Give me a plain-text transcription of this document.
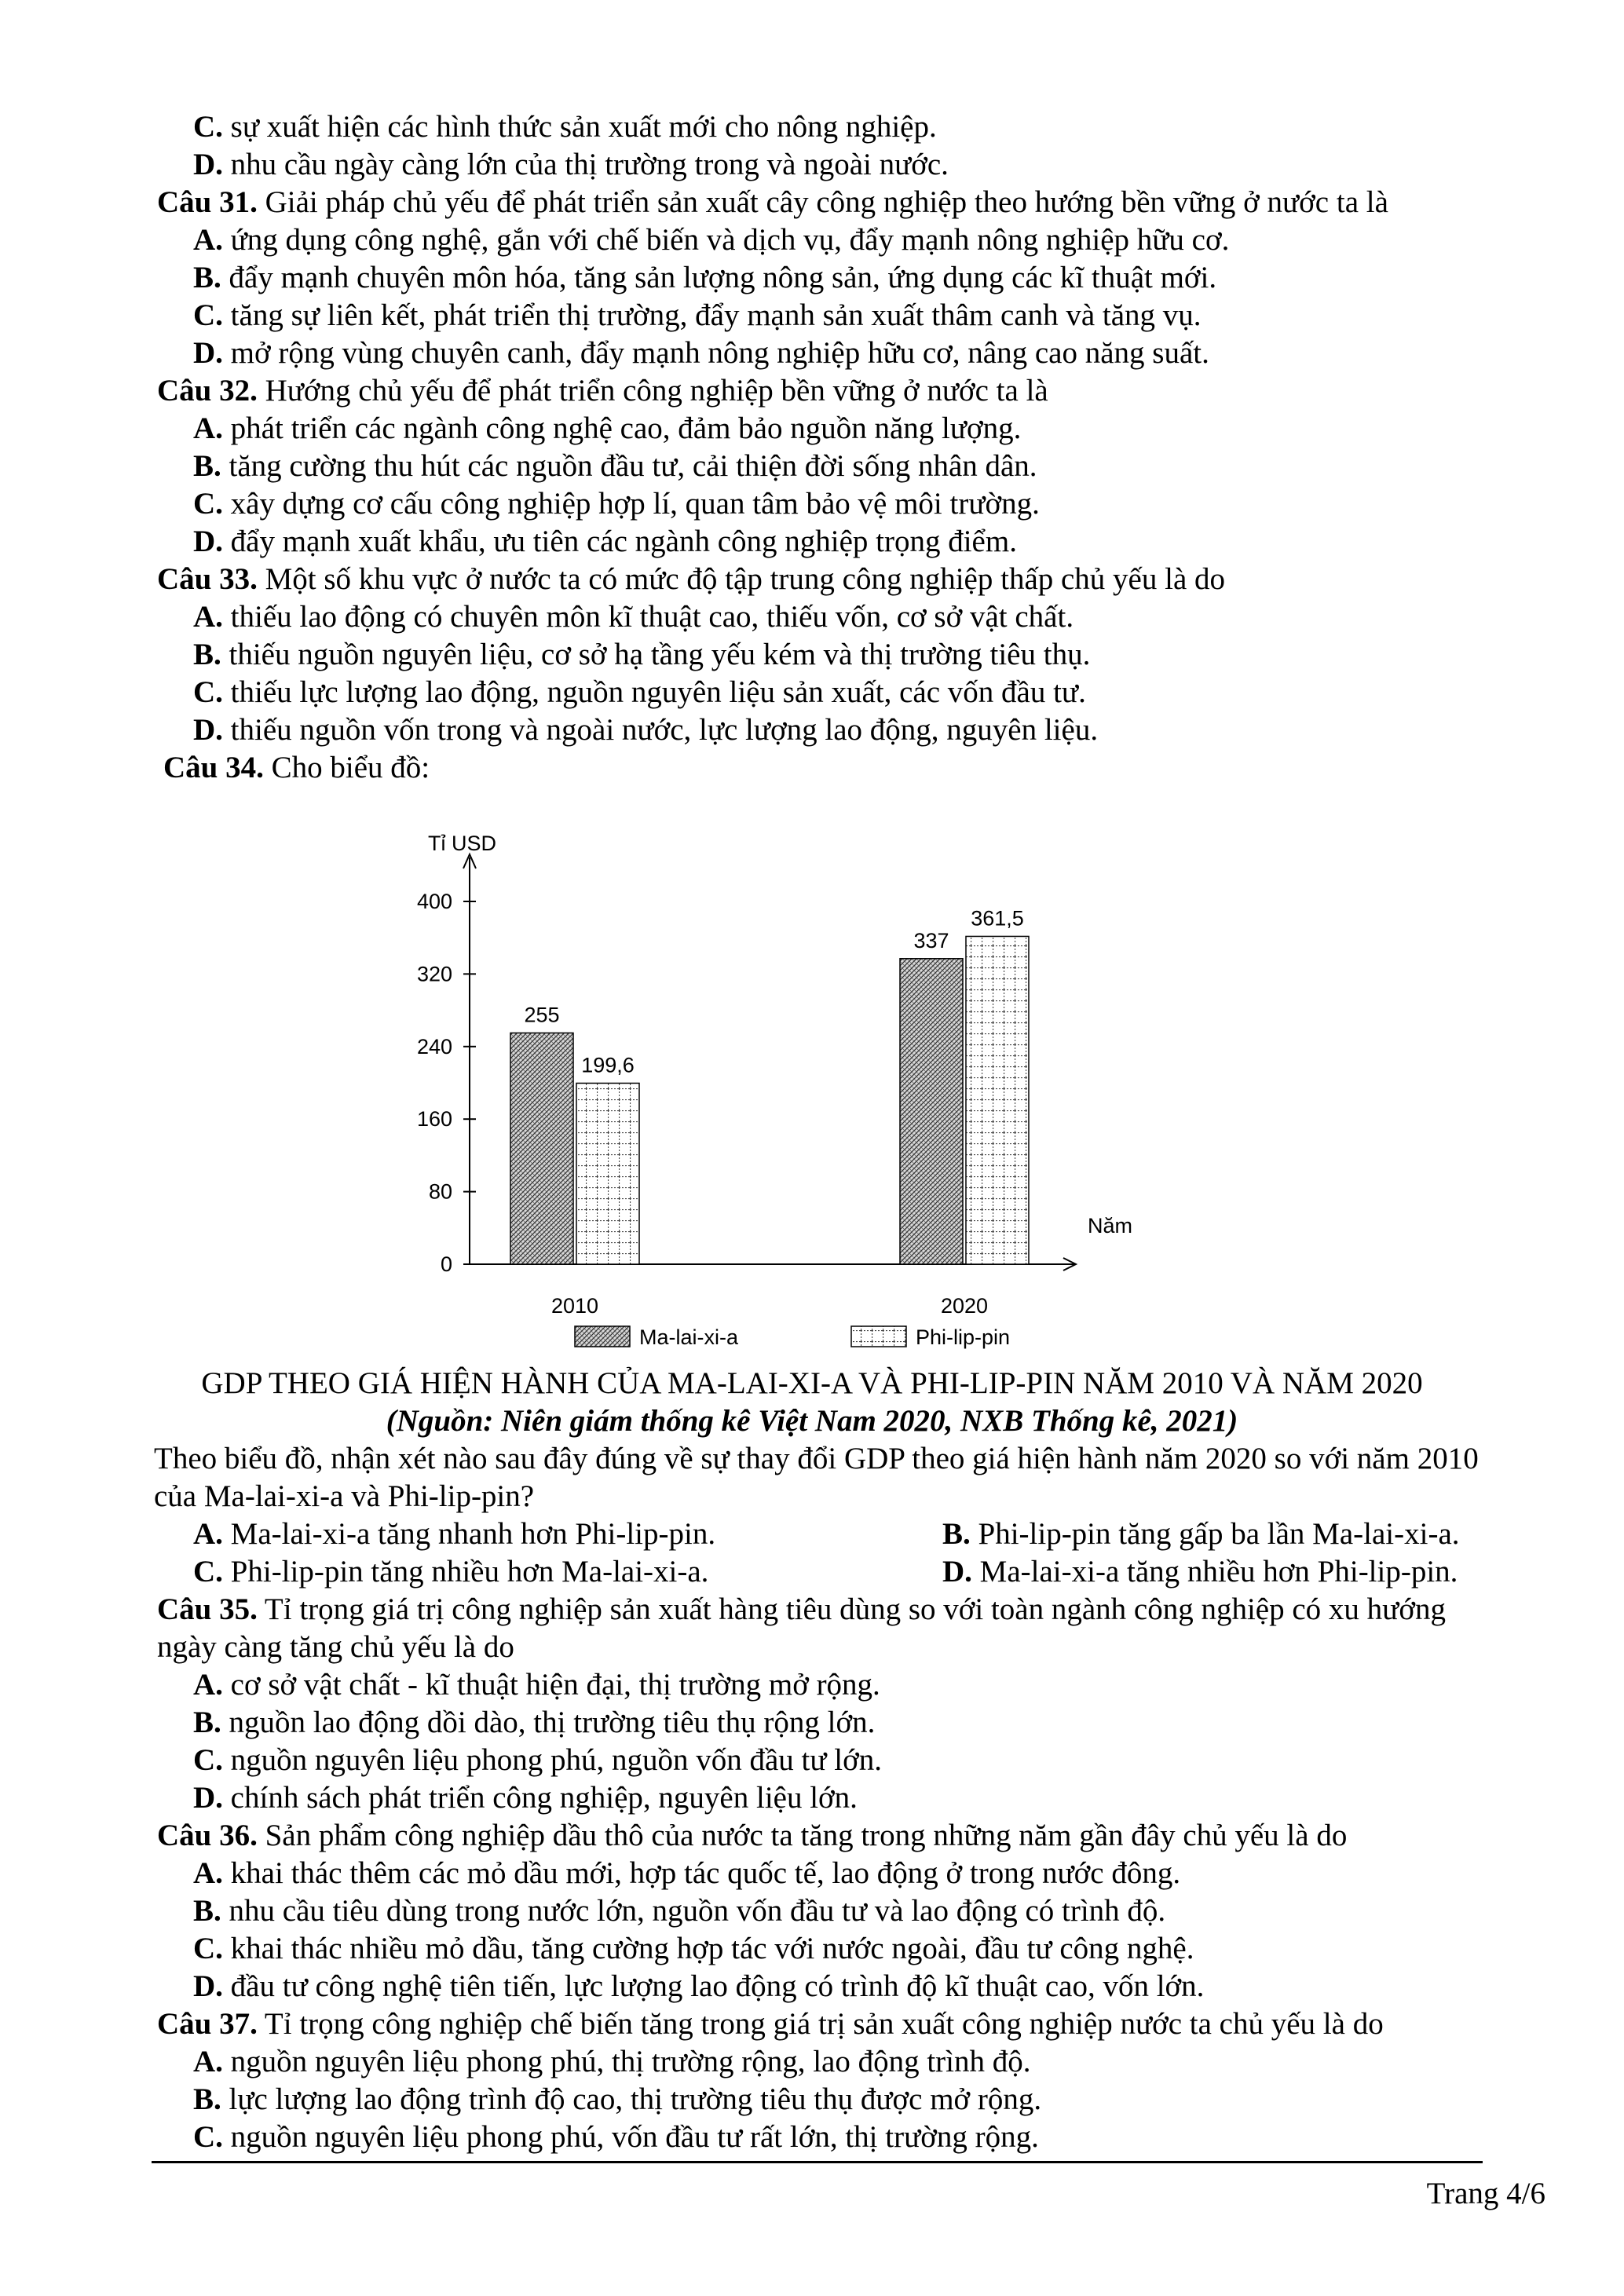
C. sự xuất hiện các hình thức sản xuất mới cho nông nghiệp.
D. nhu cầu ngày càng lớn của thị trường trong và ngoài nước.
Câu 31. Giải pháp chủ yếu để phát triển sản xuất cây công nghiệp theo hướng bền vững ở nước ta là
A. ứng dụng công nghệ, gắn với chế biến và dịch vụ, đẩy mạnh nông nghiệp hữu cơ.
B. đẩy mạnh chuyên môn hóa, tăng sản lượng nông sản, ứng dụng các kĩ thuật mới.
C. tăng sự liên kết, phát triển thị trường, đẩy mạnh sản xuất thâm canh và tăng vụ.
D. mở rộng vùng chuyên canh, đẩy mạnh nông nghiệp hữu cơ, nâng cao năng suất.
Câu 32. Hướng chủ yếu để phát triển công nghiệp bền vững ở nước ta là
A. phát triển các ngành công nghệ cao, đảm bảo nguồn năng lượng.
B. tăng cường thu hút các nguồn đầu tư, cải thiện đời sống nhân dân.
C. xây dựng cơ cấu công nghiệp hợp lí, quan tâm bảo vệ môi trường.
D. đẩy mạnh xuất khẩu, ưu tiên các ngành công nghiệp trọng điểm.
Câu 33. Một số khu vực ở nước ta có mức độ tập trung công nghiệp thấp chủ yếu là do
A. thiếu lao động có chuyên môn kĩ thuật cao, thiếu vốn, cơ sở vật chất.
B. thiếu nguồn nguyên liệu, cơ sở hạ tầng yếu kém và thị trường tiêu thụ.
C. thiếu lực lượng lao động, nguồn nguyên liệu sản xuất, các vốn đầu tư.
D. thiếu nguồn vốn trong và ngoài nước, lực lượng lao động, nguyên liệu.
Câu 34. Cho biểu đồ:
Tỉ USD
Năm
0
80
160
240
320
400
255
199,6
2010
337
361,5
2020
Ma-lai-xi-a	Phi-lip-pin
GDP THEO GIÁ HIỆN HÀNH CỦA MA-LAI-XI-A VÀ PHI-LIP-PIN NĂM 2010 VÀ NĂM 2020
(Nguồn: Niên giám thống kê Việt Nam 2020, NXB Thống kê, 2021)
Theo biểu đồ, nhận xét nào sau đây đúng về sự thay đổi GDP theo giá hiện hành năm 2020 so với năm 2010
của Ma-lai-xi-a và Phi-lip-pin?
A. Ma-lai-xi-a tăng nhanh hơn Phi-lip-pin.	B. Phi-lip-pin tăng gấp ba lần Ma-lai-xi-a.
C. Phi-lip-pin tăng nhiều hơn Ma-lai-xi-a.	D. Ma-lai-xi-a tăng nhiều hơn Phi-lip-pin.
Câu 35. Tỉ trọng giá trị công nghiệp sản xuất hàng tiêu dùng so với toàn ngành công nghiệp có xu hướng
ngày càng tăng chủ yếu là do
A. cơ sở vật chất - kĩ thuật hiện đại, thị trường mở rộng.
B. nguồn lao động dồi dào, thị trường tiêu thụ rộng lớn.
C. nguồn nguyên liệu phong phú, nguồn vốn đầu tư lớn.
D. chính sách phát triển công nghiệp, nguyên liệu lớn.
Câu 36. Sản phẩm công nghiệp dầu thô của nước ta tăng trong những năm gần đây chủ yếu là do
A. khai thác thêm các mỏ dầu mới, hợp tác quốc tế, lao động ở trong nước đông.
B. nhu cầu tiêu dùng trong nước lớn, nguồn vốn đầu tư và lao động có trình độ.
C. khai thác nhiều mỏ dầu, tăng cường hợp tác với nước ngoài, đầu tư công nghệ.
D. đầu tư công nghệ tiên tiến, lực lượng lao động có trình độ kĩ thuật cao, vốn lớn.
Câu 37. Tỉ trọng công nghiệp chế biến tăng trong giá trị sản xuất công nghiệp nước ta chủ yếu là do
A. nguồn nguyên liệu phong phú, thị trường rộng, lao động trình độ.
B. lực lượng lao động trình độ cao, thị trường tiêu thụ được mở rộng.
C. nguồn nguyên liệu phong phú, vốn đầu tư rất lớn, thị trường rộng.
Trang 4/6
